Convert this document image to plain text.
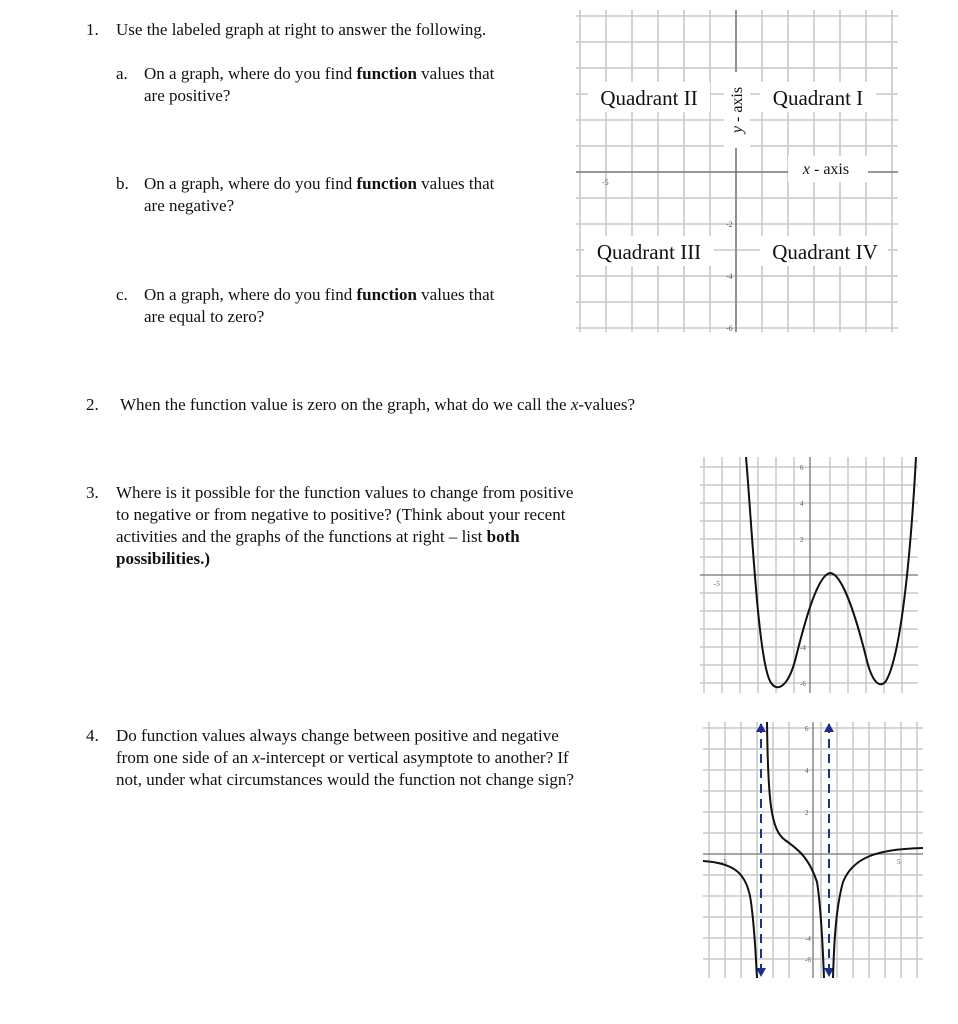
1. Use the labeled graph at right to answer the following.
a. On a graph, where do you find function values that
are positive?
b. On a graph, where do you find function values that
are negative?
c. On a graph, where do you find function values that
are equal to zero?
Quadrant II	Quadrant I
Quadrant III	Quadrant IV
x - axis
y - axis
-5
-2
-4
-6
2. When the function value is zero on the graph, what do we call the x-values?
3. Where is it possible for the function values to change from positive
to negative or from negative to positive? (Think about your recent
activities and the graphs of the functions at right – list both
possibilities.)
6
4
2
-5
-4
-6
4. Do function values always change between positive and negative
from one side of an x-intercept or vertical asymptote to another? If
not, under what circumstances would the function not change sign?
6
4
2
-5	5
-4
-6
